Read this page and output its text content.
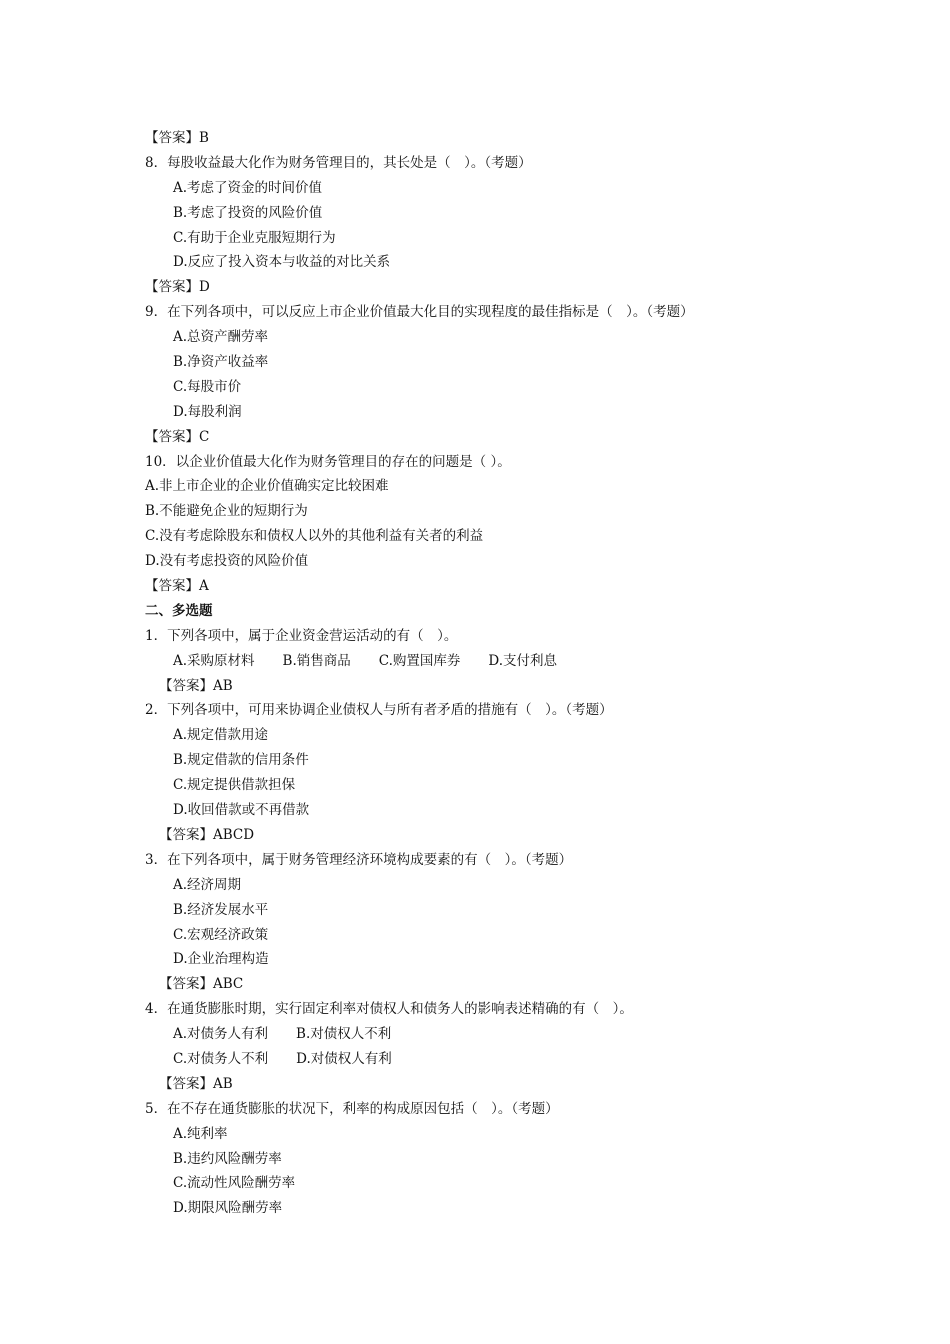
【答案】B
8．每股收益最大化作为财务管理目的，其长处是（　）。（考题）
A.考虑了资金的时间价值
B.考虑了投资的风险价值
C.有助于企业克服短期行为
D.反应了投入资本与收益的对比关系
【答案】D
9．在下列各项中，可以反应上市企业价值最大化目的实现程度的最佳指标是（　）。（考题）
A.总资产酬劳率
B.净资产收益率
C.每股市价
D.每股利润
【答案】C
10．以企业价值最大化作为财务管理目的存在的问题是（ ）。
A.非上市企业的企业价值确实定比较困难
B.不能避免企业的短期行为
C.没有考虑除股东和债权人以外的其他利益有关者的利益
D.没有考虑投资的风险价值
【答案】A
二、多选题
1．下列各项中，属于企业资金营运活动的有（　）。
A.采购原材料 B.销售商品 C.购置国库券 D.支付利息
【答案】AB
2．下列各项中，可用来协调企业债权人与所有者矛盾的措施有（　）。（考题）
A.规定借款用途
B.规定借款的信用条件
C.规定提供借款担保
D.收回借款或不再借款
【答案】ABCD
3．在下列各项中，属于财务管理经济环境构成要素的有（　）。（考题）
A.经济周期
B.经济发展水平
C.宏观经济政策
D.企业治理构造
【答案】ABC
4．在通货膨胀时期，实行固定利率对债权人和债务人的影响表述精确的有（　）。
A.对债务人有利 B.对债权人不利
C.对债务人不利 D.对债权人有利
【答案】AB
5．在不存在通货膨胀的状况下，利率的构成原因包括（　）。（考题）
A.纯利率
B.违约风险酬劳率
C.流动性风险酬劳率
D.期限风险酬劳率
